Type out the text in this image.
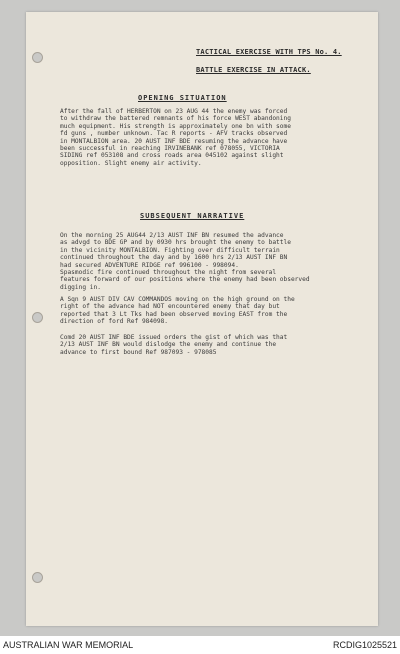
TACTICAL EXERCISE WITH TPS No. 4.
BATTLE EXERCISE IN ATTACK.
OPENING SITUATION
After the fall of HERBERTON on 23 AUG 44 the enemy was forced
to withdraw the battered remnants of his force WEST abandoning
much equipment. His strength is approximately one bn with some
fd guns , number unknown. Tac R reports - AFV tracks observed
in MONTALBION area. 20 AUST INF BDE resuming the advance have
been successful in reaching IRVINEBANK ref 078055, VICTORIA
SIDING ref 053108 and cross roads area 045102 against slight
opposition. Slight enemy air activity.
SUBSEQUENT NARRATIVE
On the morning 25 AUG44 2/13 AUST INF BN resumed the advance
as advgd to BDE GP and by 0930 hrs brought the enemy to battle
in the vicinity MONTALBION. Fighting over difficult terrain
continued throughout the day and by 1600 hrs 2/13 AUST INF BN
had secured ADVENTURE RIDGE ref 996100 - 998094.
Spasmodic fire continued throughout the night from several
features forward of our positions where the enemy had been observed
digging in.
A Sqn 9 AUST DIV CAV COMMANDOS moving on the high ground on the
right of the advance had NOT encountered enemy that day but
reported that 3 Lt Tks had been observed moving EAST from the
direction of ford Ref 984098.
Comd 20 AUST INF BDE issued orders the gist of which was that
2/13 AUST INF BN would dislodge the enemy and continue the
advance to first bound Ref 987093 - 978085
AUSTRALIAN WAR MEMORIAL	RCDIG1025521
